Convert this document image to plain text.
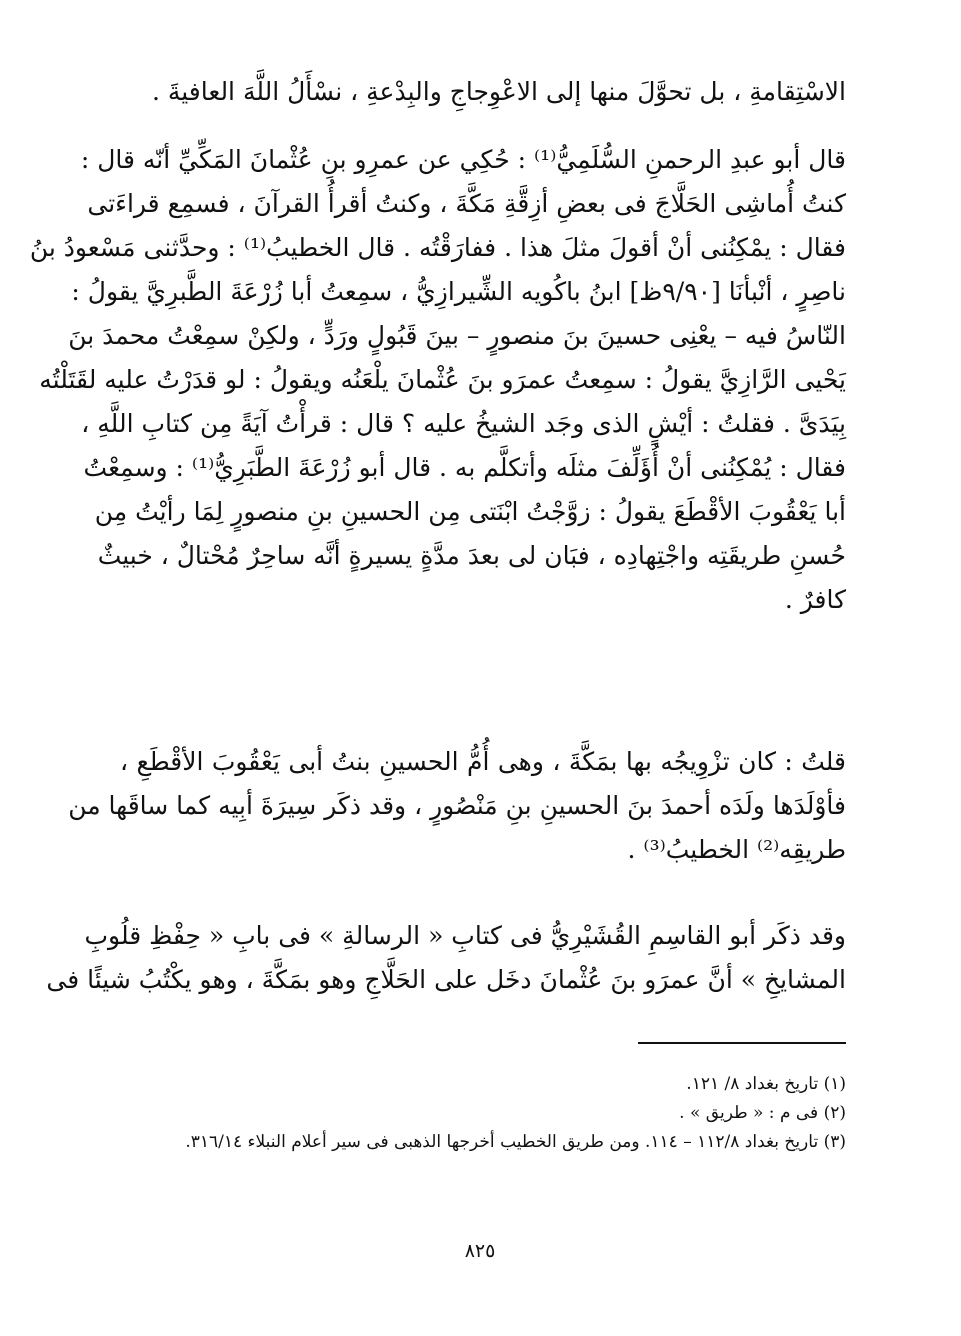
الاسْتِقامةِ ، بل تحوَّلَ منها إلى الاعْوِجاجِ والبِدْعةِ ، نسْأَلُ اللَّهَ العافيةَ .
قال أبو عبدِ الرحمنِ السُّلَمِيُّ⁽¹⁾ : حُكِي عن عمرِو بنِ عُثْمانَ المَكِّيِّ أنّه قال :
كنتُ أُماشِى الحَلَّاجَ فى بعضِ أزِقَّةِ مَكَّةَ ، وكنتُ أقرأُ القرآنَ ، فسمِع قراءَتى
فقال : يمْكِنُنى أنْ أقولَ مثلَ هذا . ففارَقْتُه . قال الخطيبُ⁽¹⁾ : وحدَّثنى مَسْعودُ بنُ
ناصِرٍ ، أنْبأنَا [٩/٩٠ظ] ابنُ باكُويه الشِّيرازِيُّ ، سمِعتُ أبا زُرْعَةَ الطَّبرِيَّ يقولُ :
النّاسُ فيه – يعْنِى حسينَ بنَ منصورٍ – بينَ قَبُولٍ ورَدٍّ ، ولكِنْ سمِعْتُ محمدَ بنَ
يَحْيى الرَّازِيَّ يقولُ : سمِعتُ عمرَو بنَ عُثْمانَ يلْعَنُه ويقولُ : لو قدَرْتُ عليه لقَتَلْتُه
بِيَدَىَّ . فقلتُ : أيْشٍ الذى وجَد الشيخُ عليه ؟ قال : قرأْتُ آيَةً مِن كتابِ اللَّهِ ،
فقال : يُمْكِنُنى أنْ أُؤَلِّفَ مثلَه وأتكلَّم به . قال أبو زُرْعَةَ الطَّبَرِيُّ⁽¹⁾ : وسمِعْتُ
أبا يَعْقُوبَ الأقْطَعَ يقولُ : زوَّجْتُ ابْنَتى مِن الحسينِ بنِ منصورٍ لِمَا رأيْتُ مِن
حُسنِ طريقَتِه واجْتِهادِه ، فبَان لى بعدَ مدَّةٍ يسيرةٍ أنَّه ساحِرٌ مُحْتالٌ ، خبيثٌ
كافرٌ .
قلتُ : كان تزْوِيجُه بها بمَكَّةَ ، وهى أُمُّ الحسينِ بنتُ أبى يَعْقُوبَ الأقْطَعِ ،
فأوْلَدَها ولَدَه أحمدَ بنَ الحسينِ بنِ مَنْصُورٍ ، وقد ذكَر سِيرَةَ أبِيه كما ساقَها من
طريقِه⁽²⁾ الخطيبُ⁽³⁾ .
وقد ذكَر أبو القاسِمِ القُشَيْرِيُّ فى كتابِ « الرسالةِ » فى بابِ « حِفْظِ قلُوبِ
المشايخِ » أنَّ عمرَو بنَ عُثْمانَ دخَل على الحَلَّاجِ وهو بمَكَّةَ ، وهو يكْتُبُ شيئًا فى
(١) تاريخ بغداد ٨/ ١٢١.
(٢) فى م : « طريق » .
(٣) تاريخ بغداد ١١٢/٨ – ١١٤. ومن طريق الخطيب أخرجها الذهبى فى سير أعلام النبلاء ٣١٦/١٤.
٨٢٥
